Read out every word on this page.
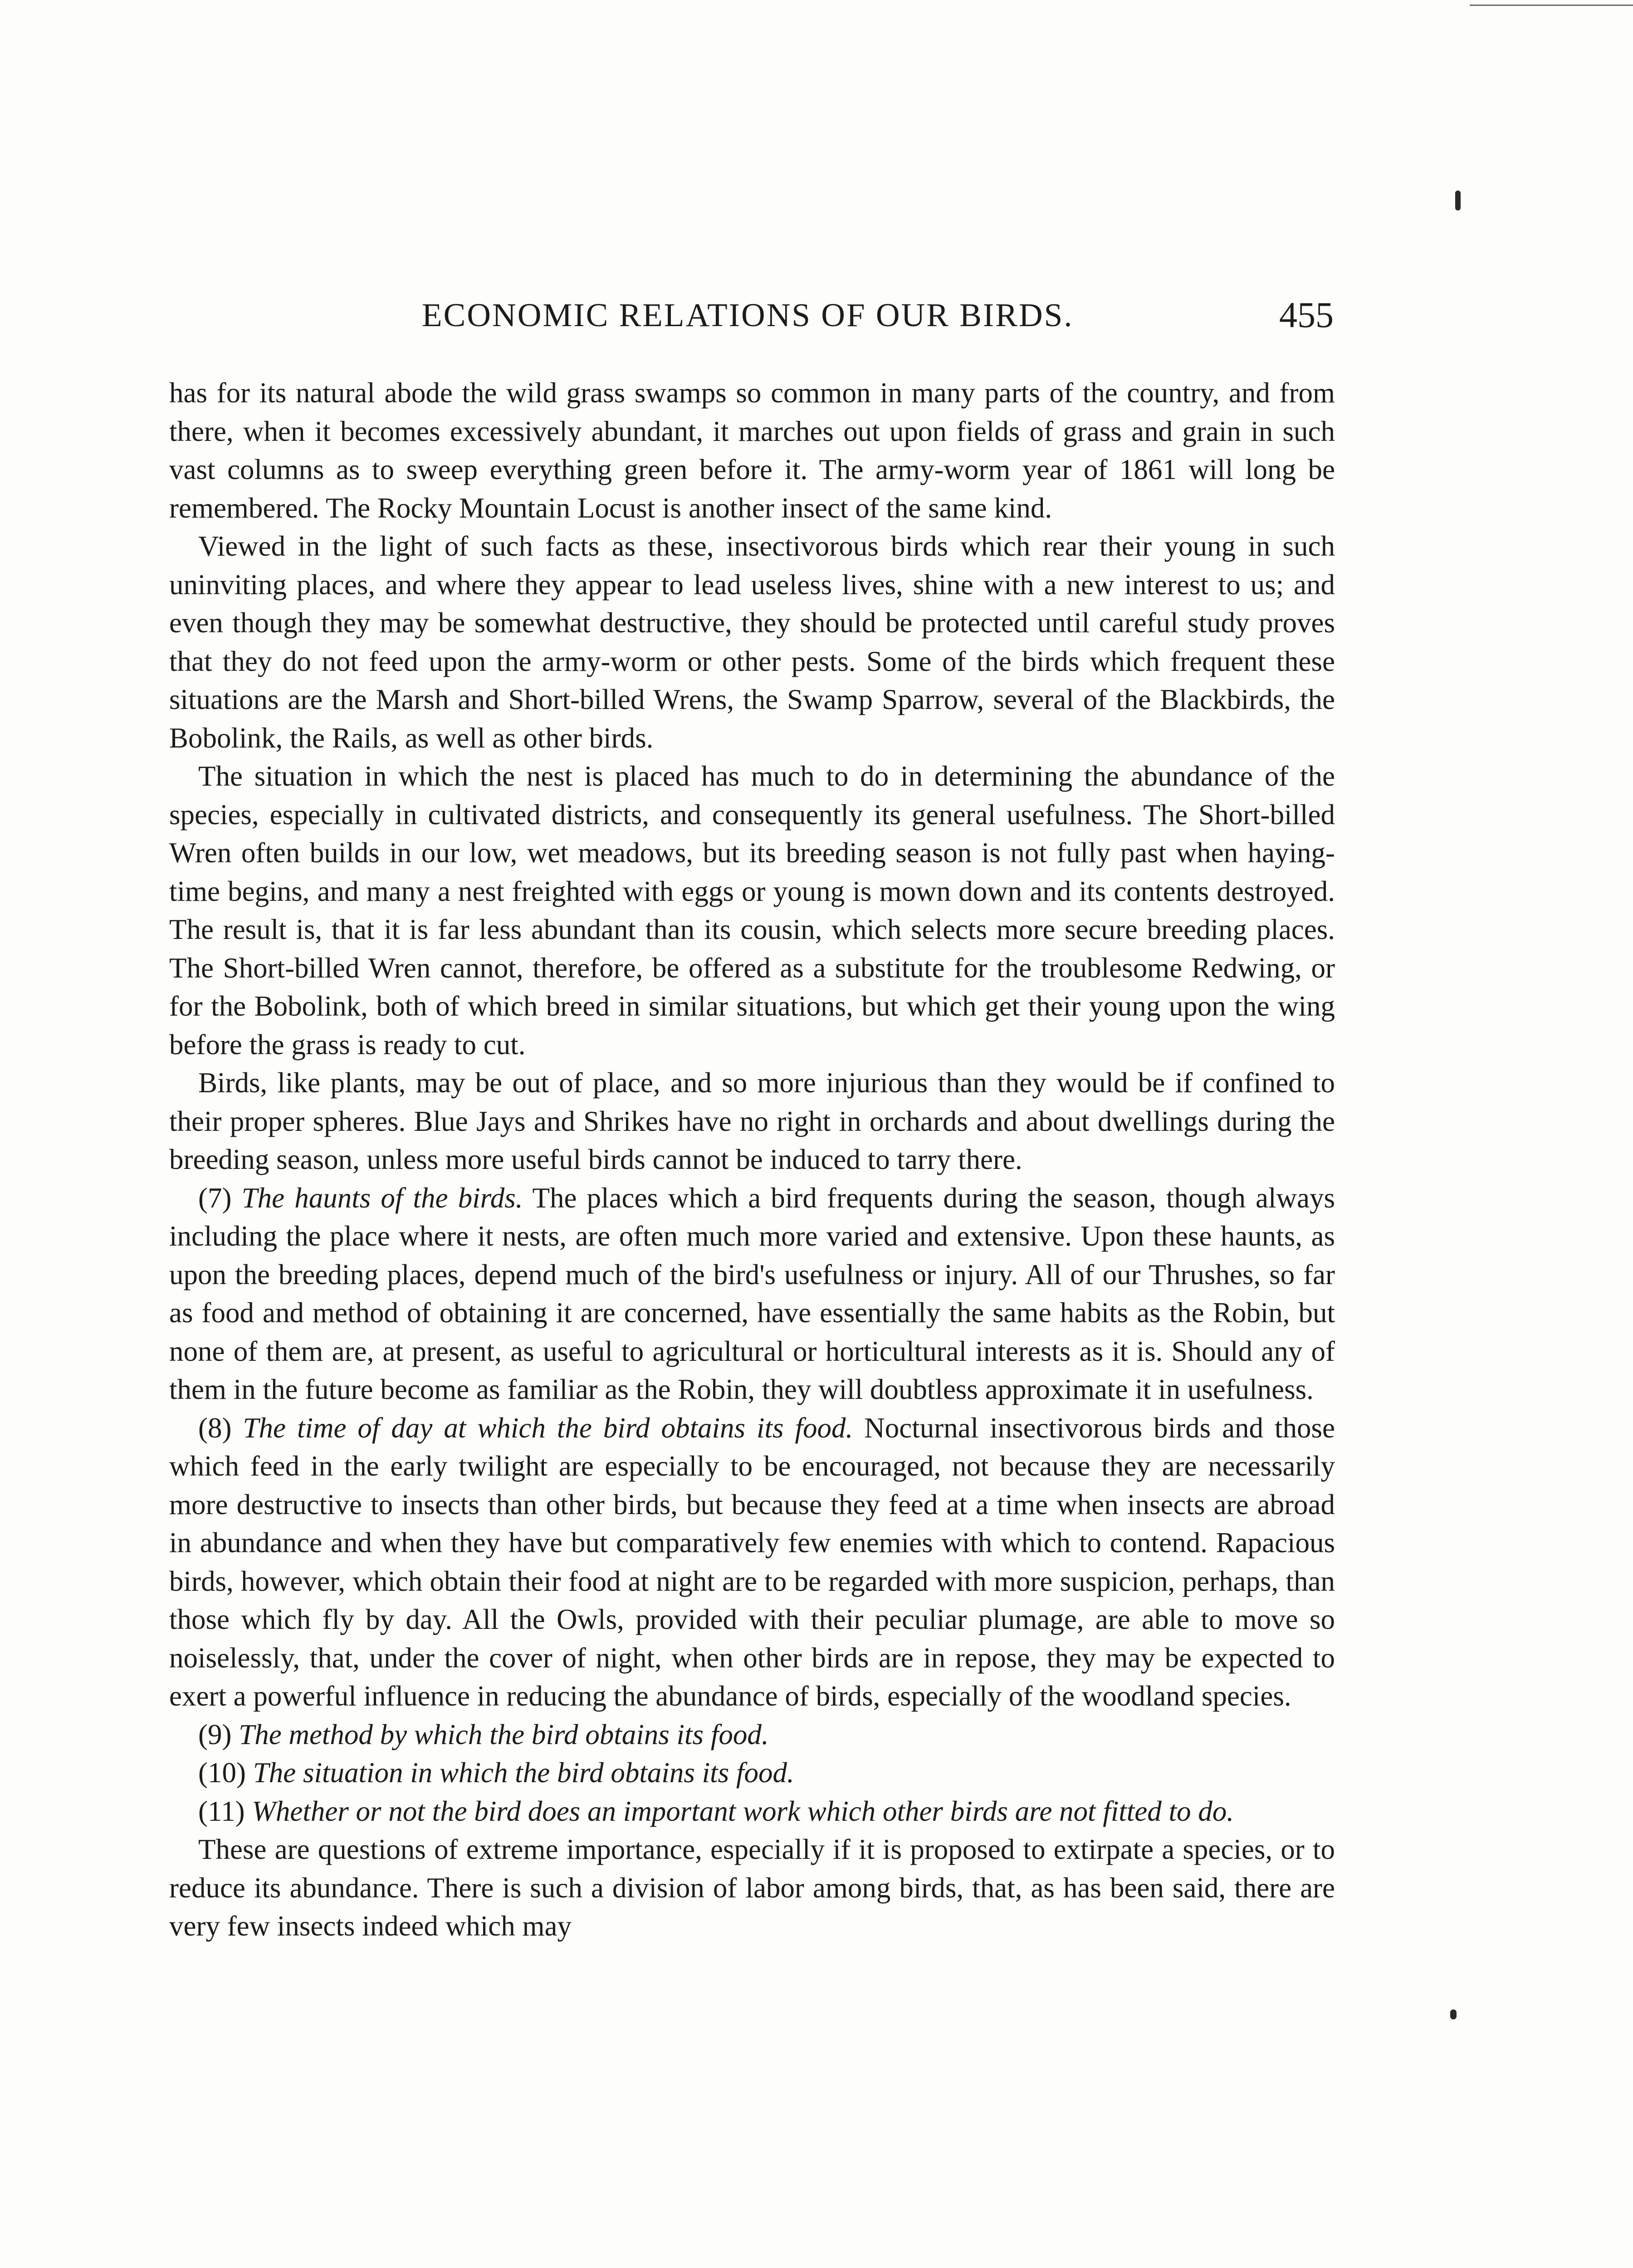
ECONOMIC RELATIONS OF OUR BIRDS.	455

has for its natural abode the wild grass swamps so common in many parts of the country, and from there, when it becomes excessively abundant, it marches out upon fields of grass and grain in such vast columns as to sweep everything green before it. The army-worm year of 1861 will long be remembered. The Rocky Mountain Locust is another insect of the same kind.

Viewed in the light of such facts as these, insectivorous birds which rear their young in such uninviting places, and where they appear to lead useless lives, shine with a new interest to us; and even though they may be somewhat destructive, they should be protected until careful study proves that they do not feed upon the army-worm or other pests. Some of the birds which frequent these situations are the Marsh and Short-billed Wrens, the Swamp Sparrow, several of the Blackbirds, the Bobolink, the Rails, as well as other birds.

The situation in which the nest is placed has much to do in determining the abundance of the species, especially in cultivated districts, and consequently its general usefulness. The Short-billed Wren often builds in our low, wet meadows, but its breeding season is not fully past when haying-time begins, and many a nest freighted with eggs or young is mown down and its contents destroyed. The result is, that it is far less abundant than its cousin, which selects more secure breeding places. The Short-billed Wren cannot, therefore, be offered as a substitute for the troublesome Redwing, or for the Bobolink, both of which breed in similar situations, but which get their young upon the wing before the grass is ready to cut.

Birds, like plants, may be out of place, and so more injurious than they would be if confined to their proper spheres. Blue Jays and Shrikes have no right in orchards and about dwellings during the breeding season, unless more useful birds cannot be induced to tarry there.

(7) The haunts of the birds. The places which a bird frequents during the season, though always including the place where it nests, are often much more varied and extensive. Upon these haunts, as upon the breeding places, depend much of the bird's usefulness or injury. All of our Thrushes, so far as food and method of obtaining it are concerned, have essentially the same habits as the Robin, but none of them are, at present, as useful to agricultural or horticultural interests as it is. Should any of them in the future become as familiar as the Robin, they will doubtless approximate it in usefulness.

(8) The time of day at which the bird obtains its food. Nocturnal insectivorous birds and those which feed in the early twilight are especially to be encouraged, not because they are necessarily more destructive to insects than other birds, but because they feed at a time when insects are abroad in abundance and when they have but comparatively few enemies with which to contend. Rapacious birds, however, which obtain their food at night are to be regarded with more suspicion, perhaps, than those which fly by day. All the Owls, provided with their peculiar plumage, are able to move so noiselessly, that, under the cover of night, when other birds are in repose, they may be expected to exert a powerful influence in reducing the abundance of birds, especially of the woodland species.

(9) The method by which the bird obtains its food.

(10) The situation in which the bird obtains its food.

(11) Whether or not the bird does an important work which other birds are not fitted to do.

These are questions of extreme importance, especially if it is proposed to extirpate a species, or to reduce its abundance. There is such a division of labor among birds, that, as has been said, there are very few insects indeed which may
